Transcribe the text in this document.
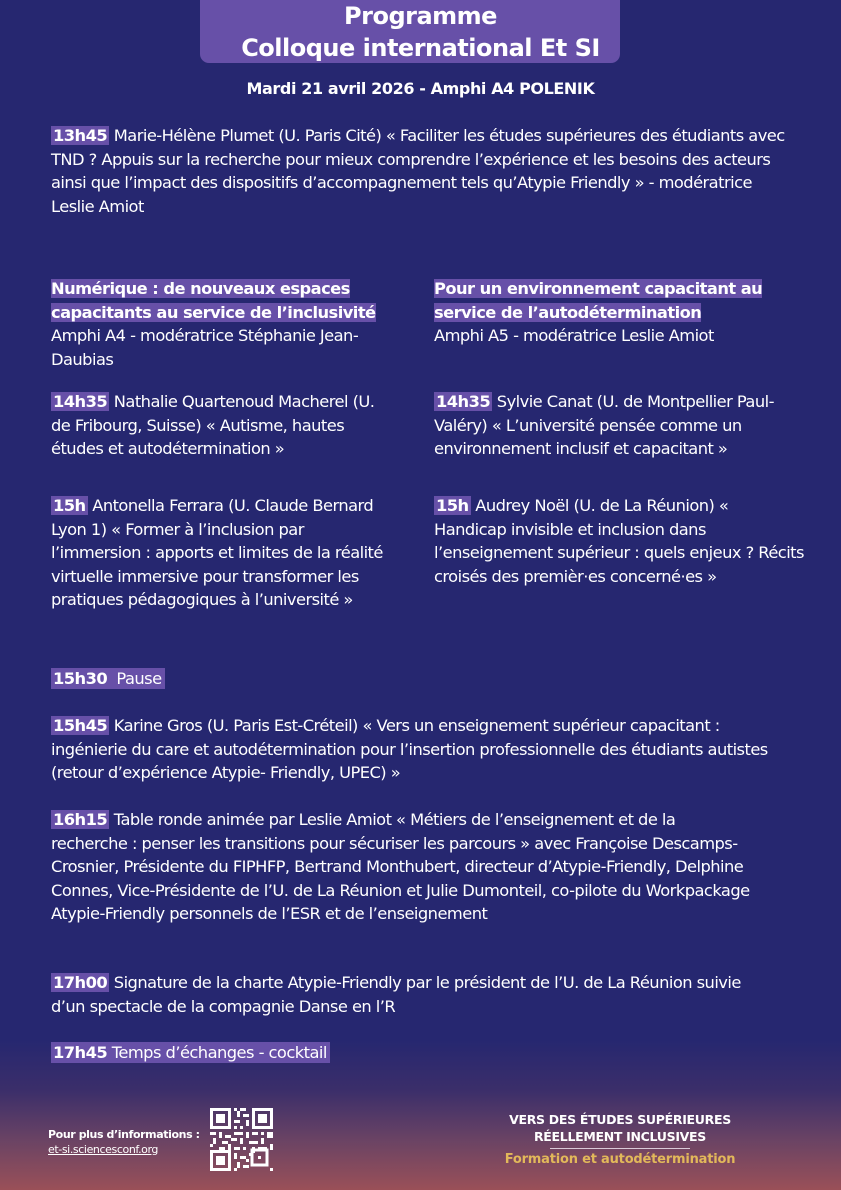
Programme
Colloque international Et SI
Mardi 21 avril 2026 - Amphi A4 POLENIK
13h45 Marie-Hélène Plumet (U. Paris Cité) « Faciliter les études supérieures des étudiants avec TND ? Appuis sur la recherche pour mieux comprendre l’expérience et les besoins des acteurs ainsi que l’impact des dispositifs d’accompagnement tels qu’Atypie Friendly » - modératrice Leslie Amiot
Numérique : de nouveaux espaces capacitants au service de l’inclusivité
Amphi A4 - modératrice Stéphanie Jean-Daubias
14h35 Nathalie Quartenoud Macherel (U. de Fribourg, Suisse) « Autisme, hautes études et autodétermination »
15h Antonella Ferrara (U. Claude Bernard Lyon 1) « Former à l’inclusion par l’immersion : apports et limites de la réalité virtuelle immersive pour transformer les pratiques pédagogiques à l’université »
Pour un environnement capacitant au service de l’autodétermination
Amphi A5 - modératrice Leslie Amiot
14h35 Sylvie Canat (U. de Montpellier Paul-Valéry) « L’université pensée comme un environnement inclusif et capacitant »
15h Audrey Noël (U. de La Réunion) « Handicap invisible et inclusion dans l’enseignement supérieur : quels enjeux ? Récits croisés des premièr·es concerné·es »
15h30  Pause
15h45 Karine Gros (U. Paris Est-Créteil) « Vers un enseignement supérieur capacitant : ingénierie du care et autodétermination pour l’insertion professionnelle des étudiants autistes (retour d’expérience Atypie- Friendly, UPEC) »
16h15 Table ronde animée par Leslie Amiot « Métiers de l’enseignement et de la recherche : penser les transitions pour sécuriser les parcours » avec Françoise Descamps-Crosnier, Présidente du FIPHFP, Bertrand Monthubert, directeur d’Atypie-Friendly, Delphine Connes, Vice-Présidente de l’U. de La Réunion et Julie Dumonteil, co-pilote du Workpackage Atypie-Friendly personnels de l’ESR et de l’enseignement
17h00 Signature de la charte Atypie-Friendly par le président de l’U. de La Réunion suivie d’un spectacle de la compagnie Danse en l’R
17h45 Temps d’échanges - cocktail
Pour plus d’informations :
et-si.sciencesconf.org
VERS DES ÉTUDES SUPÉRIEURES
RÉELLEMENT INCLUSIVES
Formation et autodétermination
